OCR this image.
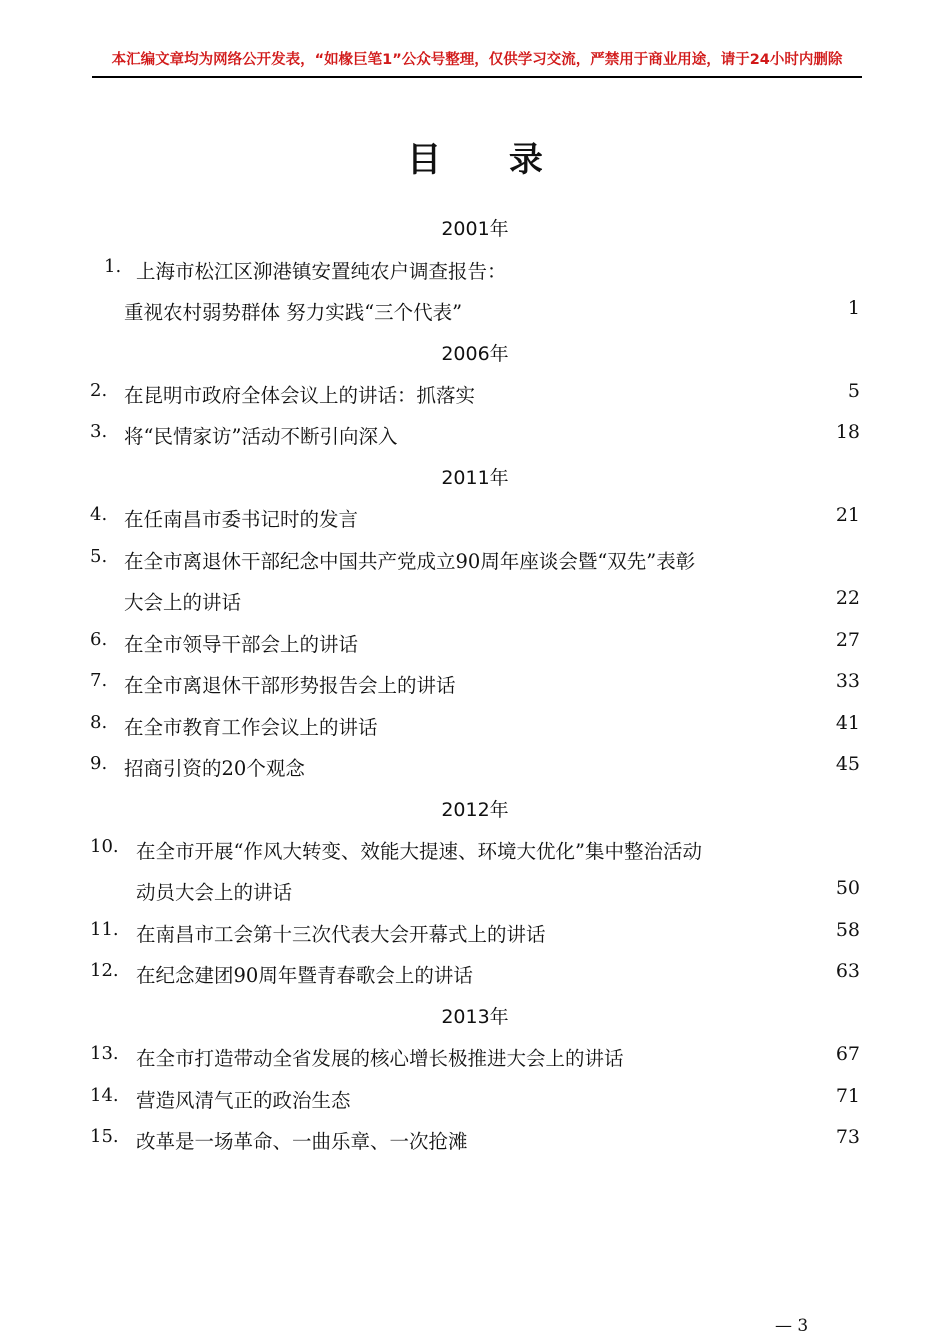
本汇编文章均为网络公开发表，“如椽巨笔1”公众号整理，仅供学习交流，严禁用于商业用途，请于24小时内删除
目 录
2001年
1. 上海市松江区泖港镇安置纯农户调查报告：
重视农村弱势群体 努力实践“三个代表”	1
2006年
2. 在昆明市政府全体会议上的讲话：抓落实	5
3. 将“民情家访”活动不断引向深入	18
2011年
4. 在任南昌市委书记时的发言	21
5. 在全市离退休干部纪念中国共产党成立90周年座谈会暨“双先”表彰
大会上的讲话	22
6. 在全市领导干部会上的讲话	27
7. 在全市离退休干部形势报告会上的讲话	33
8. 在全市教育工作会议上的讲话	41
9. 招商引资的20个观念	45
2012年
10. 在全市开展“作风大转变、效能大提速、环境大优化”集中整治活动
动员大会上的讲话	50
11. 在南昌市工会第十三次代表大会开幕式上的讲话	58
12. 在纪念建团90周年暨青春歌会上的讲话	63
2013年
13. 在全市打造带动全省发展的核心增长极推进大会上的讲话	67
14. 营造风清气正的政治生态	71
15. 改革是一场革命、一曲乐章、一次抢滩	73
— 3
